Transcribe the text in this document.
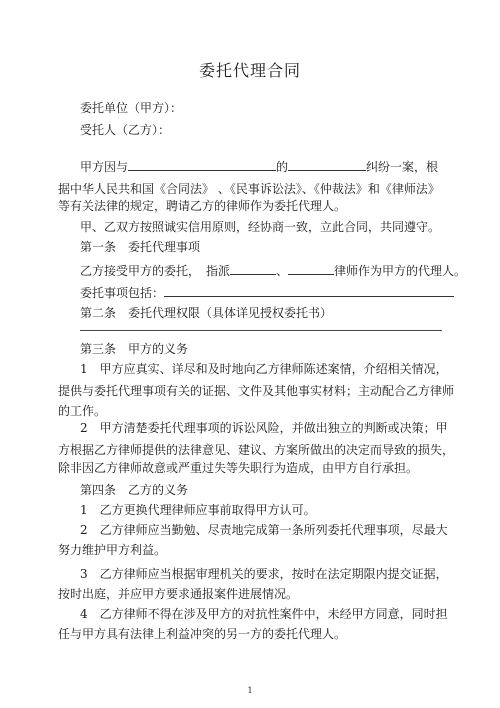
委托代理合同
委托单位（甲方）：
受托人（乙方）：
甲方因与	的	纠纷一案，根
据中华人民共和国《合同法》 、《民事诉讼法》、《仲裁法》和《律师法》
等有关法律的规定，聘请乙方的律师作为委托代理人。
甲、乙双方按照诚实信用原则，经协商一致，立此合同，共同遵守。
第一条　委托代理事项
乙方接受甲方的委托，　指派	、	律师作为甲方的代理人。
委托事项包括：
第二条　委托代理权限（具体详见授权委托书）
第三条　甲方的义务
1　甲方应真实、详尽和及时地向乙方律师陈述案情，介绍相关情况，
提供与委托代理事项有关的证据、文件及其他事实材料；主动配合乙方律师
的工作。
2　甲方清楚委托代理事项的诉讼风险，并做出独立的判断或决策；甲
方根据乙方律师提供的法律意见、建议、方案所做出的决定而导致的损失，
除非因乙方律师故意或严重过失等失职行为造成，由甲方自行承担。
第四条　乙方的义务
1　乙方更换代理律师应事前取得甲方认可。
2　乙方律师应当勤勉、尽责地完成第一条所列委托代理事项，尽最大
努力维护甲方利益。
3　乙方律师应当根据审理机关的要求，按时在法定期限内提交证据，
按时出庭，并应甲方要求通报案件进展情况。
4　乙方律师不得在涉及甲方的对抗性案件中，未经甲方同意，同时担
任与甲方具有法律上利益冲突的另一方的委托代理人。
1
